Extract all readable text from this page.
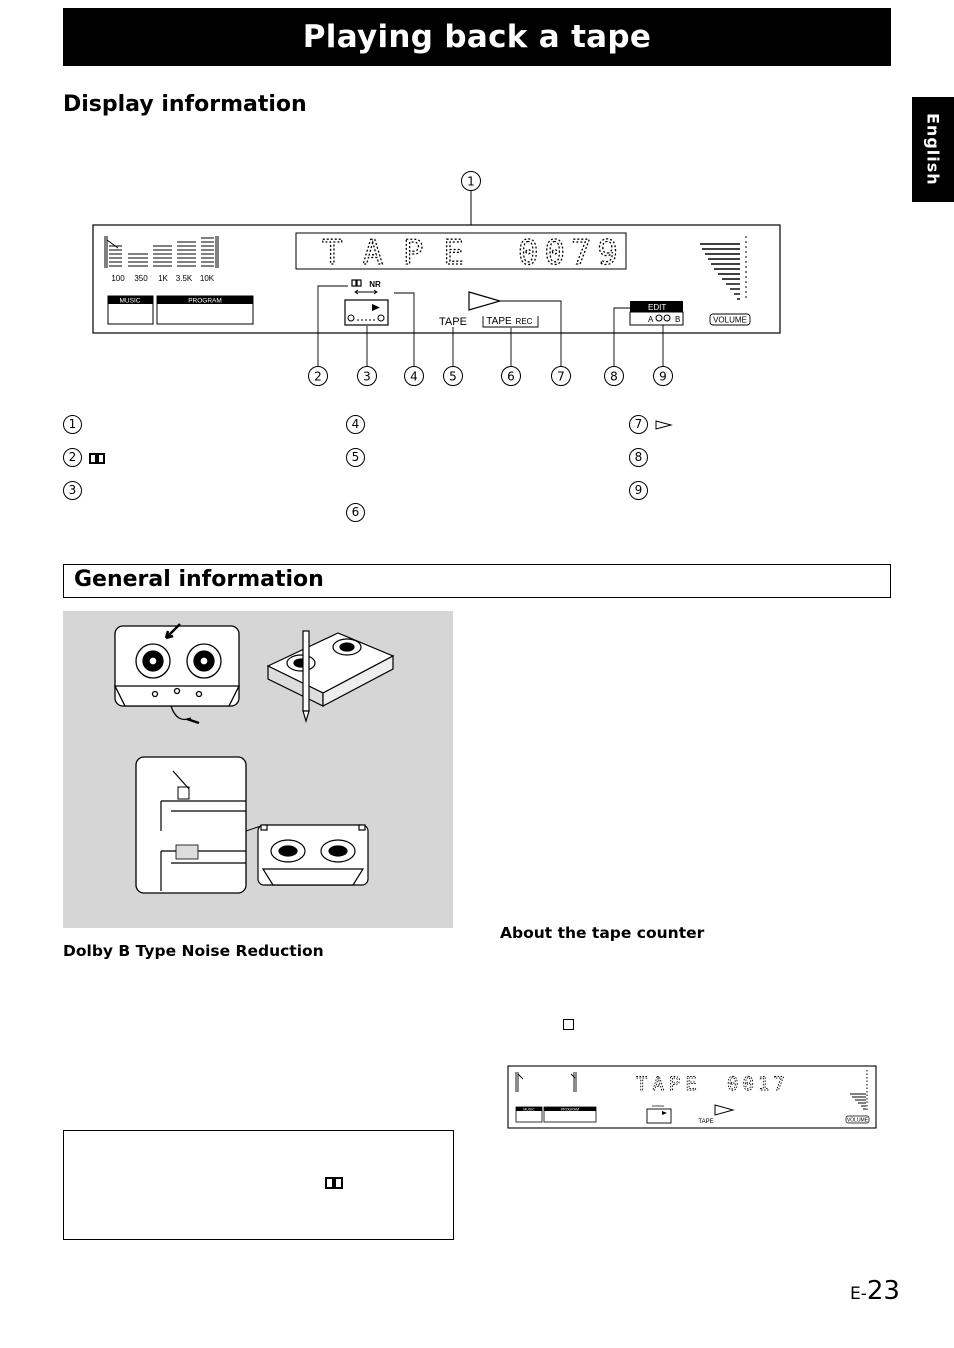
Playing back a tape
English
Display information
1
100 350 1K 3.5K 10K
MUSIC	PROGRAM
TAPE 0079
NR
TAPE TAPE REC
EDIT
A	B	VOLUME
2	3	4	5	6	7	8	9
1
2
3
4
5
6
7
8
9
General information
Dolby B Type Noise Reduction
About the tape counter
TAPE 0017
MUSIC	PROGRAM
TAPE	VOLUME
E-23
